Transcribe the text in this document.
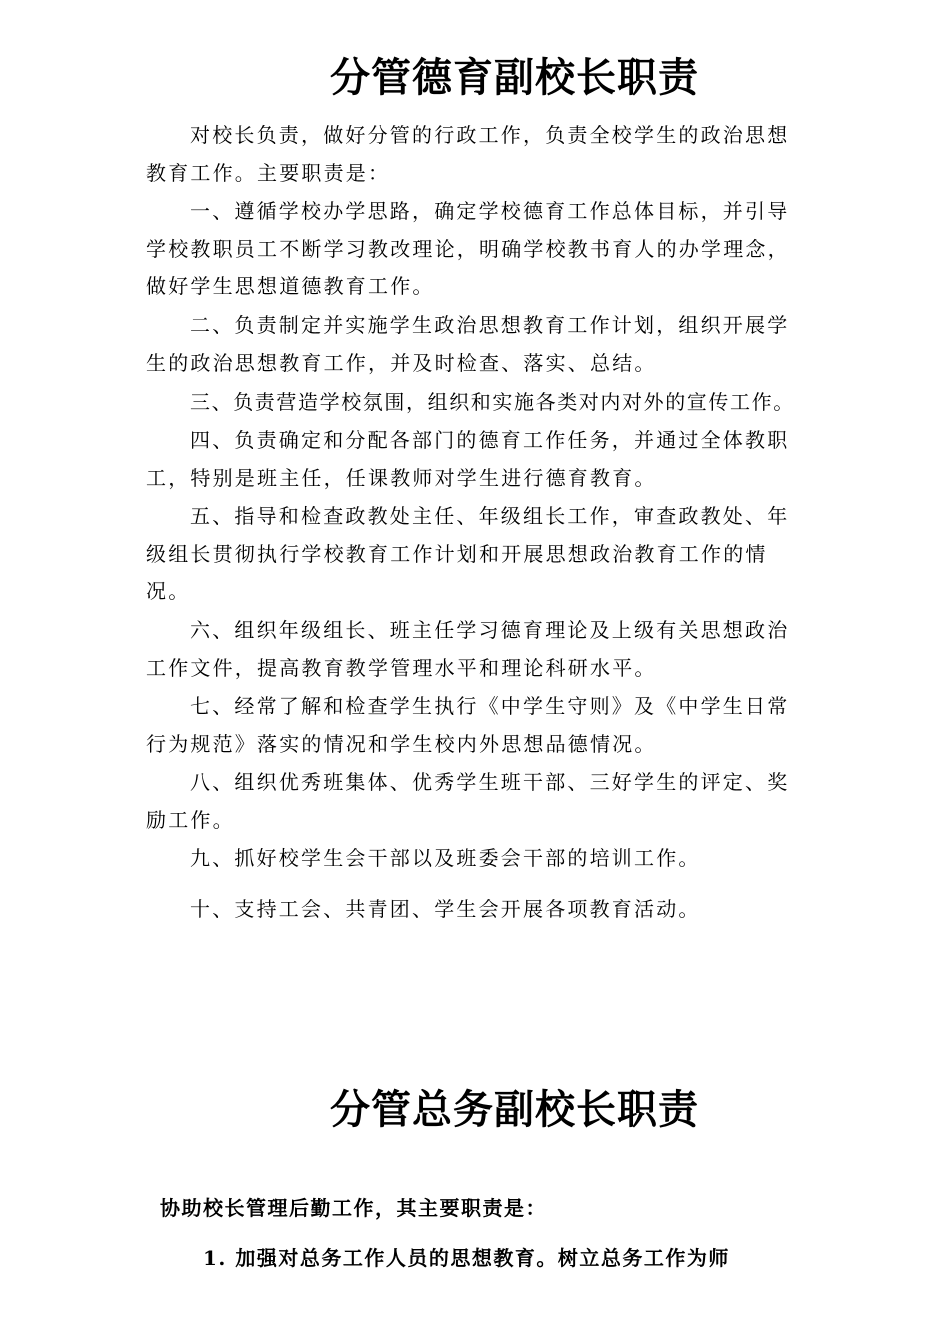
分管德育副校长职责
对校长负责，做好分管的行政工作，负责全校学生的政治思想教育工作。主要职责是：
一、遵循学校办学思路，确定学校德育工作总体目标，并引导学校教职员工不断学习教改理论，明确学校教书育人的办学理念，做好学生思想道德教育工作。
二、负责制定并实施学生政治思想教育工作计划，组织开展学生的政治思想教育工作，并及时检查、落实、总结。
三、负责营造学校氛围，组织和实施各类对内对外的宣传工作。
四、负责确定和分配各部门的德育工作任务，并通过全体教职工，特别是班主任，任课教师对学生进行德育教育。
五、指导和检查政教处主任、年级组长工作，审查政教处、年级组长贯彻执行学校教育工作计划和开展思想政治教育工作的情况。
六、组织年级组长、班主任学习德育理论及上级有关思想政治工作文件，提高教育教学管理水平和理论科研水平。
七、经常了解和检查学生执行《中学生守则》及《中学生日常行为规范》落实的情况和学生校内外思想品德情况。
八、组织优秀班集体、优秀学生班干部、三好学生的评定、奖励工作。
九、抓好校学生会干部以及班委会干部的培训工作。
十、支持工会、共青团、学生会开展各项教育活动。
分管总务副校长职责
协助校长管理后勤工作，其主要职责是：
1. 加强对总务工作人员的思想教育。树立总务工作为师
